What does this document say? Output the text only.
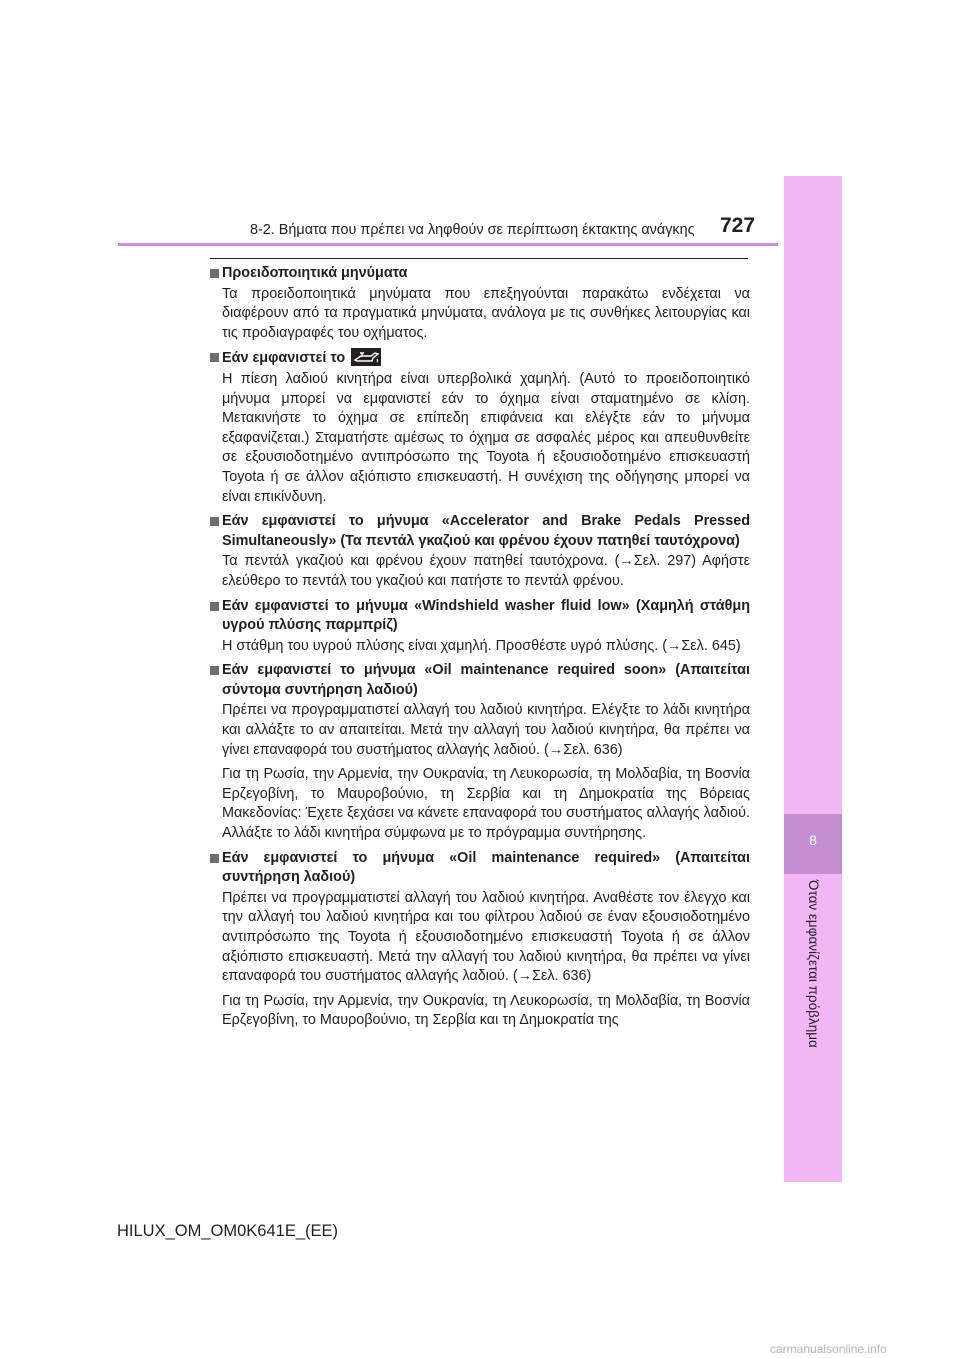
8-2. Βήματα που πρέπει να ληφθούν σε περίπτωση έκτακτης ανάγκης 727
8
Όταν εμφανίζεται πρόβλημα
Προειδοποιητικά μηνύματα
Τα προειδοποιητικά μηνύματα που επεξηγούνται παρακάτω ενδέχεται να διαφέρουν από τα πραγματικά μηνύματα, ανάλογα με τις συνθήκες λειτουργίας και τις προδιαγραφές του οχήματος.
Εάν εμφανιστεί το
Η πίεση λαδιού κινητήρα είναι υπερβολικά χαμηλή. (Αυτό το προειδοποιητικό μήνυμα μπορεί να εμφανιστεί εάν το όχημα είναι σταματημένο σε κλίση. Μετακινήστε το όχημα σε επίπεδη επιφάνεια και ελέγξτε εάν το μήνυμα εξαφανίζεται.) Σταματήστε αμέσως το όχημα σε ασφαλές μέρος και απευθυνθείτε σε εξουσιοδοτημένο αντιπρόσωπο της Toyota ή εξουσιοδοτημένο επισκευαστή Toyota ή σε άλλον αξιόπιστο επισκευαστή. Η συνέχιση της οδήγησης μπορεί να είναι επικίνδυνη.
Εάν εμφανιστεί το μήνυμα «Accelerator and Brake Pedals Pressed Simultaneously» (Τα πεντάλ γκαζιού και φρένου έχουν πατηθεί ταυτόχρονα)
Τα πεντάλ γκαζιού και φρένου έχουν πατηθεί ταυτόχρονα. (→Σελ. 297) Αφήστε ελεύθερο το πεντάλ του γκαζιού και πατήστε το πεντάλ φρένου.
Εάν εμφανιστεί το μήνυμα «Windshield washer fluid low» (Χαμηλή στάθμη υγρού πλύσης παρμπρίζ)
Η στάθμη του υγρού πλύσης είναι χαμηλή. Προσθέστε υγρό πλύσης. (→Σελ. 645)
Εάν εμφανιστεί το μήνυμα «Oil maintenance required soon» (Απαιτείται σύντομα συντήρηση λαδιού)
Πρέπει να προγραμματιστεί αλλαγή του λαδιού κινητήρα. Ελέγξτε το λάδι κινητήρα και αλλάξτε το αν απαιτείται. Μετά την αλλαγή του λαδιού κινητήρα, θα πρέπει να γίνει επαναφορά του συστήματος αλλαγής λαδιού. (→Σελ. 636)
Για τη Ρωσία, την Αρμενία, την Ουκρανία, τη Λευκορωσία, τη Μολδαβία, τη Βοσνία Ερζεγοβίνη, το Μαυροβούνιο, τη Σερβία και τη Δημοκρατία της Βόρειας Μακεδονίας: Έχετε ξεχάσει να κάνετε επαναφορά του συστήματος αλλαγής λαδιού. Αλλάξτε το λάδι κινητήρα σύμφωνα με το πρόγραμμα συντήρησης.
Εάν εμφανιστεί το μήνυμα «Oil maintenance required» (Απαιτείται συντήρηση λαδιού)
Πρέπει να προγραμματιστεί αλλαγή του λαδιού κινητήρα. Αναθέστε τον έλεγχο και την αλλαγή του λαδιού κινητήρα και του φίλτρου λαδιού σε έναν εξουσιοδοτημένο αντιπρόσωπο της Toyota ή εξουσιοδοτημένο επισκευαστή Toyota ή σε άλλον αξιόπιστο επισκευαστή. Μετά την αλλαγή του λαδιού κινητήρα, θα πρέπει να γίνει επαναφορά του συστήματος αλλαγής λαδιού. (→Σελ. 636)
Για τη Ρωσία, την Αρμενία, την Ουκρανία, τη Λευκορωσία, τη Μολδαβία, τη Βοσνία Ερζεγοβίνη, το Μαυροβούνιο, τη Σερβία και τη Δημοκρατία της
HILUX_OM_OM0K641E_(EE)
carmanualsonline.info
